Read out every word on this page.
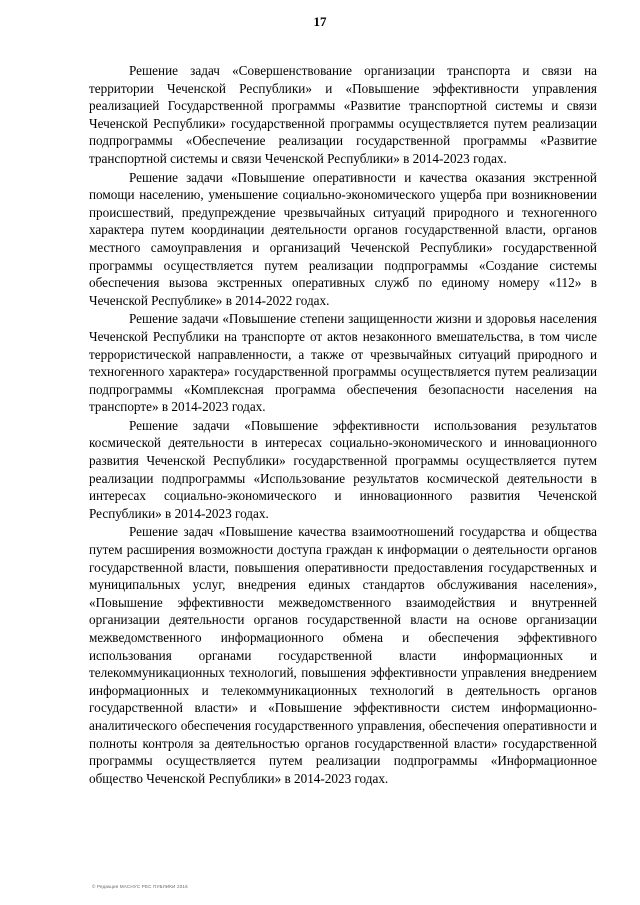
17

Решение задач «Совершенствование организации транспорта и связи на территории Чеченской Республики» и «Повышение эффективности управления реализацией Государственной программы «Развитие транспортной системы и связи Чеченской Республики» государственной программы осуществляется путем реализации подпрограммы «Обеспечение реализации государственной программы «Развитие транспортной системы и связи Чеченской Республики» в 2014-2023 годах.

Решение задачи «Повышение оперативности и качества оказания экстренной помощи населению, уменьшение социально-экономического ущерба при возникновении происшествий, предупреждение чрезвычайных ситуаций природного и техногенного характера путем координации деятельности органов государственной власти, органов местного самоуправления и организаций Чеченской Республики» государственной программы осуществляется путем реализации подпрограммы «Создание системы обеспечения вызова экстренных оперативных служб по единому номеру «112» в Чеченской Республике» в 2014-2022 годах.

Решение задачи «Повышение степени защищенности жизни и здоровья населения Чеченской Республики на транспорте от актов незаконного вмешательства, в том числе террористической направленности, а также от чрезвычайных ситуаций природного и техногенного характера» государственной программы осуществляется путем реализации подпрограммы «Комплексная программа обеспечения безопасности населения на транспорте» в 2014-2023 годах.

Решение задачи «Повышение эффективности использования результатов космической деятельности в интересах социально-экономического и инновационного развития Чеченской Республики» государственной программы осуществляется путем реализации подпрограммы «Использование результатов космической деятельности в интересах социально-экономического и инновационного развития Чеченской Республики» в 2014-2023 годах.

Решение задач «Повышение качества взаимоотношений государства и общества путем расширения возможности доступа граждан к информации о деятельности органов государственной власти, повышения оперативности предоставления государственных и муниципальных услуг, внедрения единых стандартов обслуживания населения», «Повышение эффективности межведомственного взаимодействия и внутренней организации деятельности органов государственной власти на основе организации межведомственного информационного обмена и обеспечения эффективного использования органами государственной власти информационных и телекоммуникационных технологий, повышения эффективности управления внедрением информационных и телекоммуникационных технологий в деятельность органов государственной власти» и «Повышение эффективности систем информационно-аналитического обеспечения государственного управления, обеспечения оперативности и полноты контроля за деятельностью органов государственной власти» государственной программы осуществляется путем реализации подпрограммы «Информационное общество Чеченской Республики» в 2014-2023 годах.

© Редакция МАСНУС РЕС ПУБЛИКИ 2016
